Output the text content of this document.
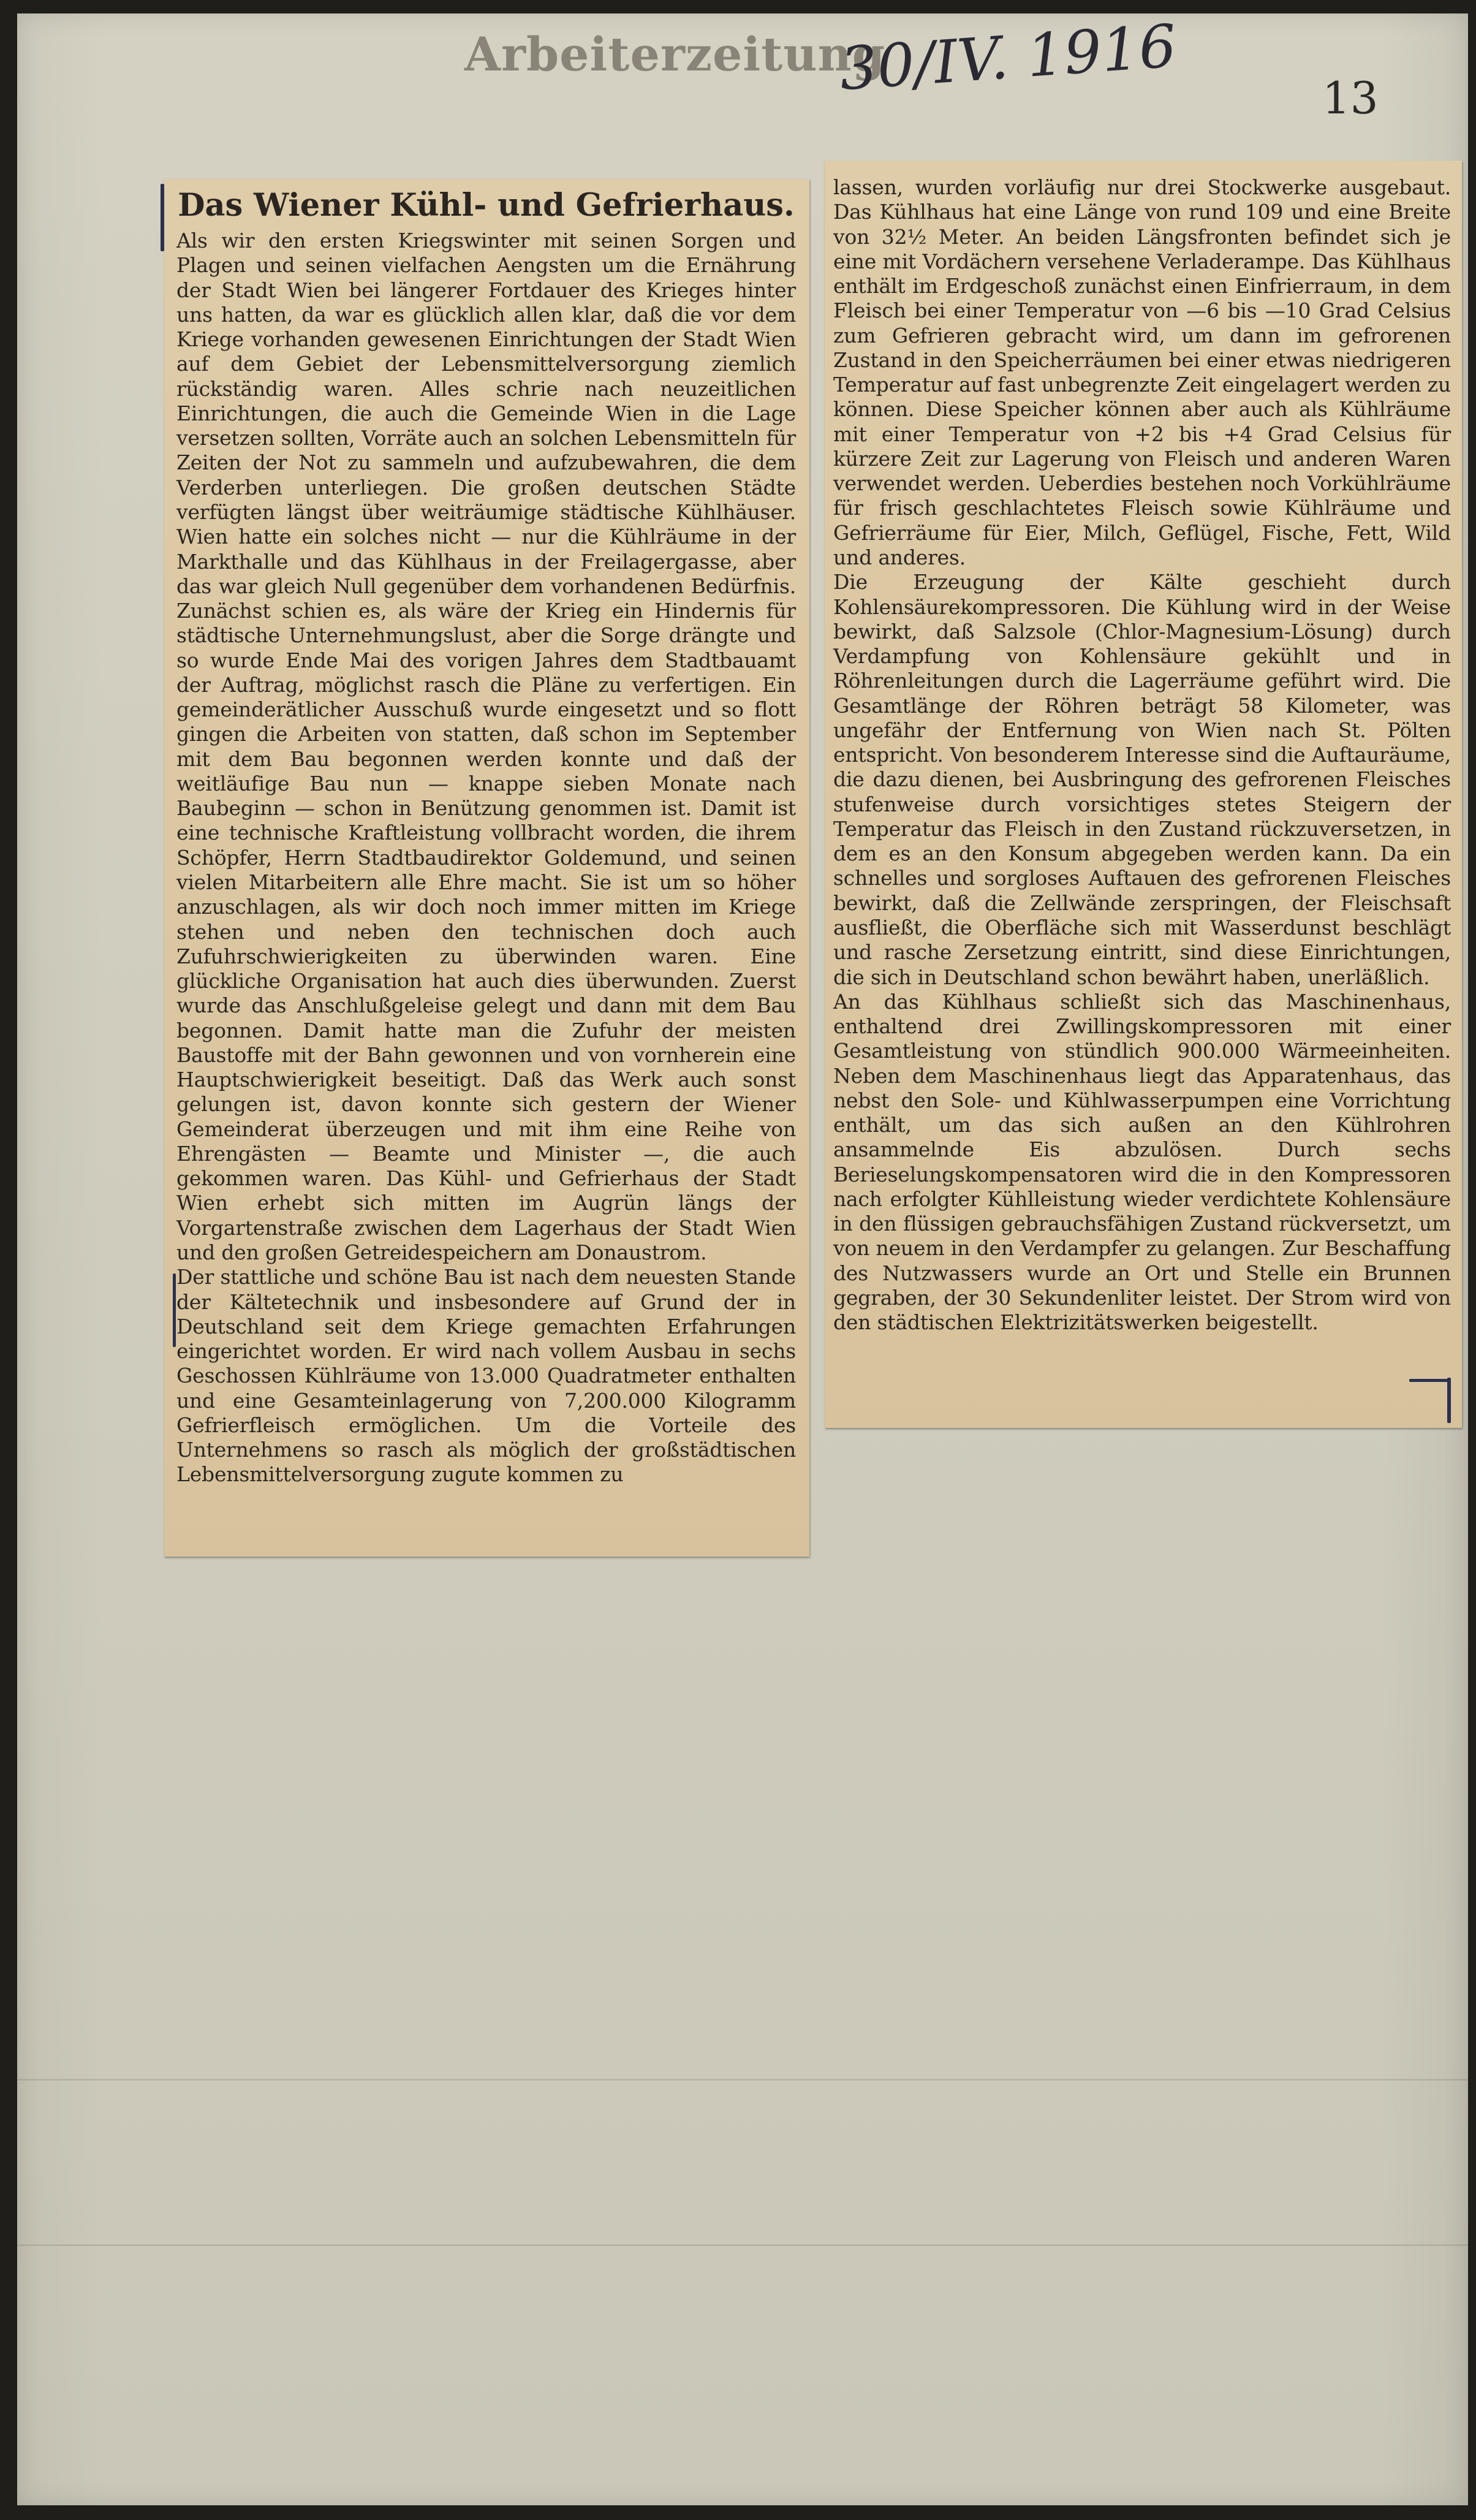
Arbeiterzeitung
30/IV. 1916	13
Das Wiener Kühl- und Gefrierhaus.

Als wir den ersten Kriegswinter mit seinen Sorgen und Plagen und seinen vielfachen Aengsten um die Ernährung der Stadt Wien bei längerer Fortdauer des Krieges hinter uns hatten, da war es glücklich allen klar, daß die vor dem Kriege vorhanden gewesenen Einrichtungen der Stadt Wien auf dem Gebiet der Lebensmittelversorgung ziemlich rückständig waren. Alles schrie nach neuzeitlichen Einrichtungen, die auch die Gemeinde Wien in die Lage versetzen sollten, Vorräte auch an solchen Lebensmitteln für Zeiten der Not zu sammeln und aufzubewahren, die dem Verderben unterliegen. Die großen deutschen Städte verfügten längst über weiträumige städtische Kühlhäuser. Wien hatte ein solches nicht — nur die Kühlräume in der Markthalle und das Kühlhaus in der Freilagergasse, aber das war gleich Null gegenüber dem vorhandenen Bedürfnis. Zunächst schien es, als wäre der Krieg ein Hindernis für städtische Unternehmungslust, aber die Sorge drängte und so wurde Ende Mai des vorigen Jahres dem Stadtbauamt der Auftrag, möglichst rasch die Pläne zu verfertigen. Ein gemeinderätlicher Ausschuß wurde eingesetzt und so flott gingen die Arbeiten von statten, daß schon im September mit dem Bau begonnen werden konnte und daß der weitläufige Bau nun — knappe sieben Monate nach Baubeginn — schon in Benützung genommen ist. Damit ist eine technische Kraftleistung vollbracht worden, die ihrem Schöpfer, Herrn Stadtbaudirektor Goldemund, und seinen vielen Mitarbeitern alle Ehre macht. Sie ist um so höher anzuschlagen, als wir doch noch immer mitten im Kriege stehen und neben den technischen doch auch Zufuhrschwierigkeiten zu überwinden waren. Eine glückliche Organisation hat auch dies überwunden. Zuerst wurde das Anschlußgeleise gelegt und dann mit dem Bau begonnen. Damit hatte man die Zufuhr der meisten Baustoffe mit der Bahn gewonnen und von vornherein eine Hauptschwierigkeit beseitigt. Daß das Werk auch sonst gelungen ist, davon konnte sich gestern der Wiener Gemeinderat überzeugen und mit ihm eine Reihe von Ehrengästen — Beamte und Minister —, die auch gekommen waren. Das Kühl- und Gefrierhaus der Stadt Wien erhebt sich mitten im Augrün längs der Vorgartenstraße zwischen dem Lagerhaus der Stadt Wien und den großen Getreidespeichern am Donaustrom.
Der stattliche und schöne Bau ist nach dem neuesten Stande der Kältetechnik und insbesondere auf Grund der in Deutschland seit dem Kriege gemachten Erfahrungen eingerichtet worden. Er wird nach vollem Ausbau in sechs Geschossen Kühlräume von 13.000 Quadratmeter enthalten und eine Gesamteinlagerung von 7,200.000 Kilogramm Gefrierfleisch ermöglichen. Um die Vorteile des Unternehmens so rasch als möglich der großstädtischen Lebensmittelversorgung zugute kommen zu

lassen, wurden vorläufig nur drei Stockwerke ausgebaut. Das Kühlhaus hat eine Länge von rund 109 und eine Breite von 32½ Meter. An beiden Längsfronten befindet sich je eine mit Vordächern versehene Verladerampe. Das Kühlhaus enthält im Erdgeschoß zunächst einen Einfrierraum, in dem Fleisch bei einer Temperatur von —6 bis —10 Grad Celsius zum Gefrieren gebracht wird, um dann im gefrorenen Zustand in den Speicherräumen bei einer etwas niedrigeren Temperatur auf fast unbegrenzte Zeit eingelagert werden zu können. Diese Speicher können aber auch als Kühlräume mit einer Temperatur von +2 bis +4 Grad Celsius für kürzere Zeit zur Lagerung von Fleisch und anderen Waren verwendet werden. Ueberdies bestehen noch Vorkühlräume für frisch geschlachtetes Fleisch sowie Kühlräume und Gefrierräume für Eier, Milch, Geflügel, Fische, Fett, Wild und anderes.
Die Erzeugung der Kälte geschieht durch Kohlensäurekompressoren. Die Kühlung wird in der Weise bewirkt, daß Salzsole (Chlor-Magnesium-Lösung) durch Verdampfung von Kohlensäure gekühlt und in Röhrenleitungen durch die Lagerräume geführt wird. Die Gesamtlänge der Röhren beträgt 58 Kilometer, was ungefähr der Entfernung von Wien nach St. Pölten entspricht. Von besonderem Interesse sind die Auftauräume, die dazu dienen, bei Ausbringung des gefrorenen Fleisches stufenweise durch vorsichtiges stetes Steigern der Temperatur das Fleisch in den Zustand rückzuversetzen, in dem es an den Konsum abgegeben werden kann. Da ein schnelles und sorgloses Auftauen des gefrorenen Fleisches bewirkt, daß die Zellwände zerspringen, der Fleischsaft ausfließt, die Oberfläche sich mit Wasserdunst beschlägt und rasche Zersetzung eintritt, sind diese Einrichtungen, die sich in Deutschland schon bewährt haben, unerläßlich.
An das Kühlhaus schließt sich das Maschinenhaus, enthaltend drei Zwillingskompressoren mit einer Gesamtleistung von stündlich 900.000 Wärmeeinheiten. Neben dem Maschinenhaus liegt das Apparatenhaus, das nebst den Sole- und Kühlwasserpumpen eine Vorrichtung enthält, um das sich außen an den Kühlrohren ansammelnde Eis abzulösen. Durch sechs Berieselungskompensatoren wird die in den Kompressoren nach erfolgter Kühlleistung wieder verdichtete Kohlensäure in den flüssigen gebrauchsfähigen Zustand rückversetzt, um von neuem in den Verdampfer zu gelangen. Zur Beschaffung des Nutzwassers wurde an Ort und Stelle ein Brunnen gegraben, der 30 Sekundenliter leistet. Der Strom wird von den städtischen Elektrizitätswerken beigestellt.
